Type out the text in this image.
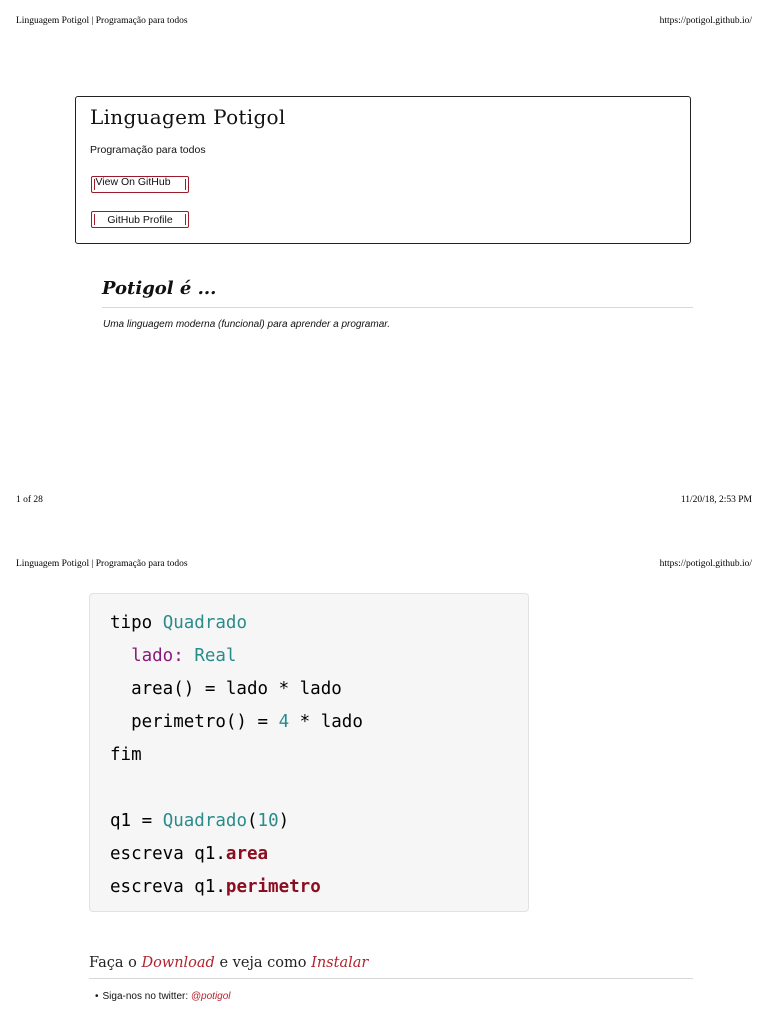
Linguagem Potigol | Programação para todos	https://potigol.github.io/
Linguagem Potigol
Programação para todos
View On GitHub
GitHub Profile
Potigol é ...
Uma linguagem moderna (funcional) para aprender a programar.
1 of 28	11/20/18, 2:53 PM
Linguagem Potigol | Programação para todos	https://potigol.github.io/
tipo Quadrado
lado: Real
area() = lado * lado
perimetro() = 4 * lado
fim
q1 = Quadrado(10)
escreva q1.area
escreva q1.perimetro
Faça o Download e veja como Instalar
• Siga-nos no twitter: @potigol
